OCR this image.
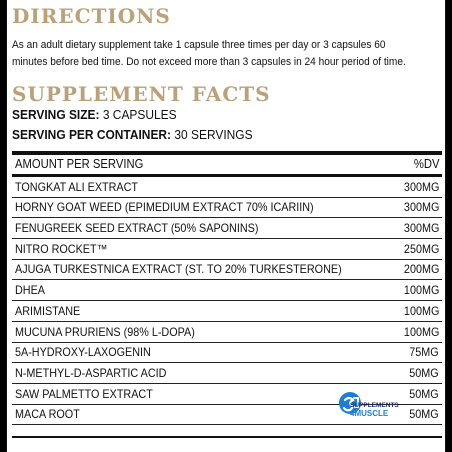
DIRECTIONS
As an adult dietary supplement take 1 capsule three times per day or 3 capsules 60 minutes before bed time. Do not exceed more than 3 capsules in 24 hour period of time.
SUPPLEMENT FACTS
SERVING SIZE: 3 CAPSULES
SERVING PER CONTAINER: 30 SERVINGS
AMOUNT PER SERVING	%DV
TONGKAT ALI EXTRACT	300MG
HORNY GOAT WEED (EPIMEDIUM EXTRACT 70% ICARIIN)	300MG
FENUGREEK SEED EXTRACT (50% SAPONINS)	300MG
NITRO ROCKET™	250MG
AJUGA TURKESTNICA EXTRACT (ST. TO 20% TURKESTERONE)	200MG
DHEA	100MG
ARIMISTANE	100MG
MUCUNA PRURIENS (98% L-DOPA)	100MG
5A-HYDROXY-LAXOGENIN	75MG
N-METHYL-D-ASPARTIC ACID	50MG
SAW PALMETTO EXTRACT	50MG
MACA ROOT	50MG
SUPPLEMENTS
4MUSCLE
